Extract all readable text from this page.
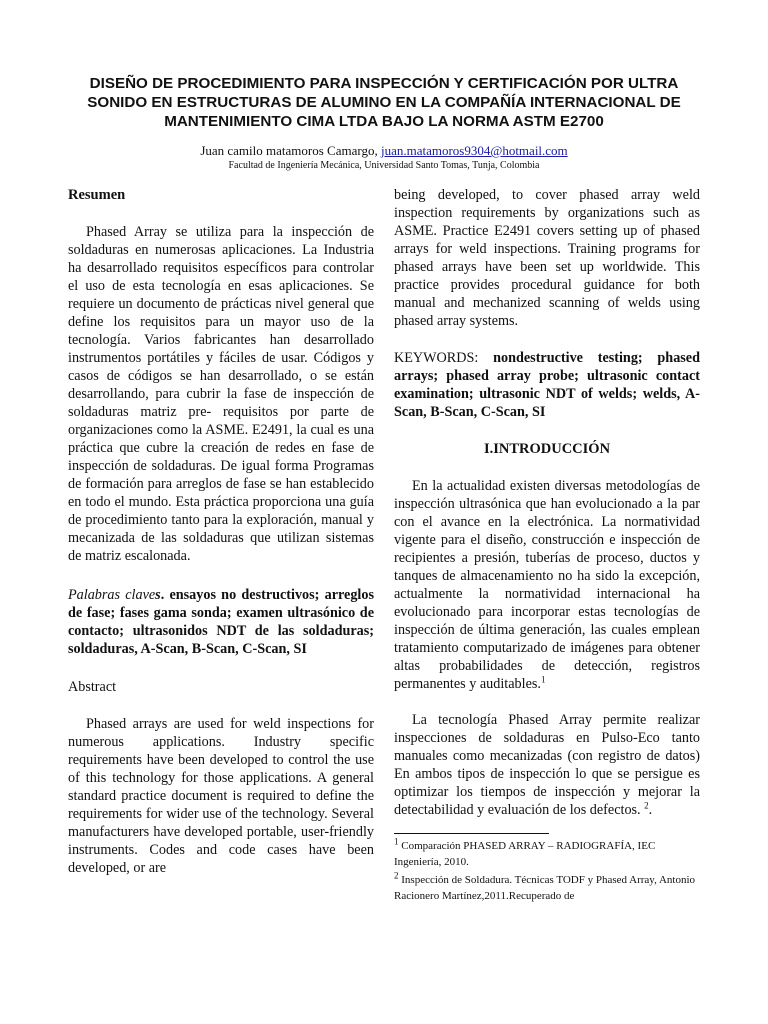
DISEÑO DE PROCEDIMIENTO PARA INSPECCIÓN Y CERTIFICACIÓN POR ULTRA
SONIDO EN ESTRUCTURAS DE ALUMINO EN LA COMPAÑÍA INTERNACIONAL DE
MANTENIMIENTO CIMA LTDA BAJO LA NORMA ASTM E2700
Juan camilo matamoros Camargo, juan.matamoros9304@hotmail.com
Facultad de Ingeniería Mecánica, Universidad Santo Tomas, Tunja, Colombia

Resumen

Phased Array se utiliza para la inspección de soldaduras en numerosas aplicaciones. La Industria ha desarrollado requisitos específicos para controlar el uso de esta tecnología en esas aplicaciones. Se requiere un documento de prácticas nivel general que define los requisitos para un mayor uso de la tecnología. Varios fabricantes han desarrollado instrumentos portátiles y fáciles de usar. Códigos y casos de códigos se han desarrollado, o se están desarrollando, para cubrir la fase de inspección de soldaduras matriz pre- requisitos por parte de organizaciones como la ASME. E2491, la cual es una práctica que cubre la creación de redes en fase de inspección de soldaduras. De igual forma Programas de formación para arreglos de fase se han establecido en todo el mundo. Esta práctica proporciona una guía de procedimiento tanto para la exploración, manual y mecanizada de las soldaduras que utilizan sistemas de matriz escalonada.

Palabras claves. ensayos no destructivos; arreglos de fase; fases gama sonda; examen ultrasónico de contacto; ultrasonidos NDT de las soldaduras; soldaduras, A-Scan, B-Scan, C-Scan, SI

Abstract

Phased arrays are used for weld inspections for numerous applications. Industry specific requirements have been developed to control the use of this technology for those applications. A general standard practice document is required to define the requirements for wider use of the technology. Several manufacturers have developed portable, user-friendly instruments. Codes and code cases have been developed, or are

being developed, to cover phased array weld inspection requirements by organizations such as ASME. Practice E2491 covers setting up of phased arrays for weld inspections. Training programs for phased arrays have been set up worldwide. This practice provides procedural guidance for both manual and mechanized scanning of welds using phased array systems.

KEYWORDS: nondestructive testing; phased arrays; phased array probe; ultrasonic contact examination; ultrasonic NDT of welds; welds, A-Scan, B-Scan, C-Scan, SI

I.INTRODUCCIÓN

En la actualidad existen diversas metodologías de inspección ultrasónica que han evolucionado a la par con el avance en la electrónica. La normatividad vigente para el diseño, construcción e inspección de recipientes a presión, tuberías de proceso, ductos y tanques de almacenamiento no ha sido la excepción, actualmente la normatividad internacional ha evolucionado para incorporar estas tecnologías de inspección de última generación, las cuales emplean tratamiento computarizado de imágenes para obtener altas probabilidades de detección, registros permanentes y auditables.$^1$

La tecnología Phased Array permite realizar inspecciones de soldaduras en Pulso-Eco tanto manuales como mecanizadas (con registro de datos) En ambos tipos de inspección lo que se persigue es optimizar los tiempos de inspección y mejorar la detectabilidad y evaluación de los defectos. $^2$.

$^1$ Comparación PHASED ARRAY – RADIOGRAFÍA, IEC Ingeniería, 2010.

$^2$ Inspección de Soldadura. Técnicas TODF y Phased Array, Antonio Racionero Martínez,2011.Recuperado de
